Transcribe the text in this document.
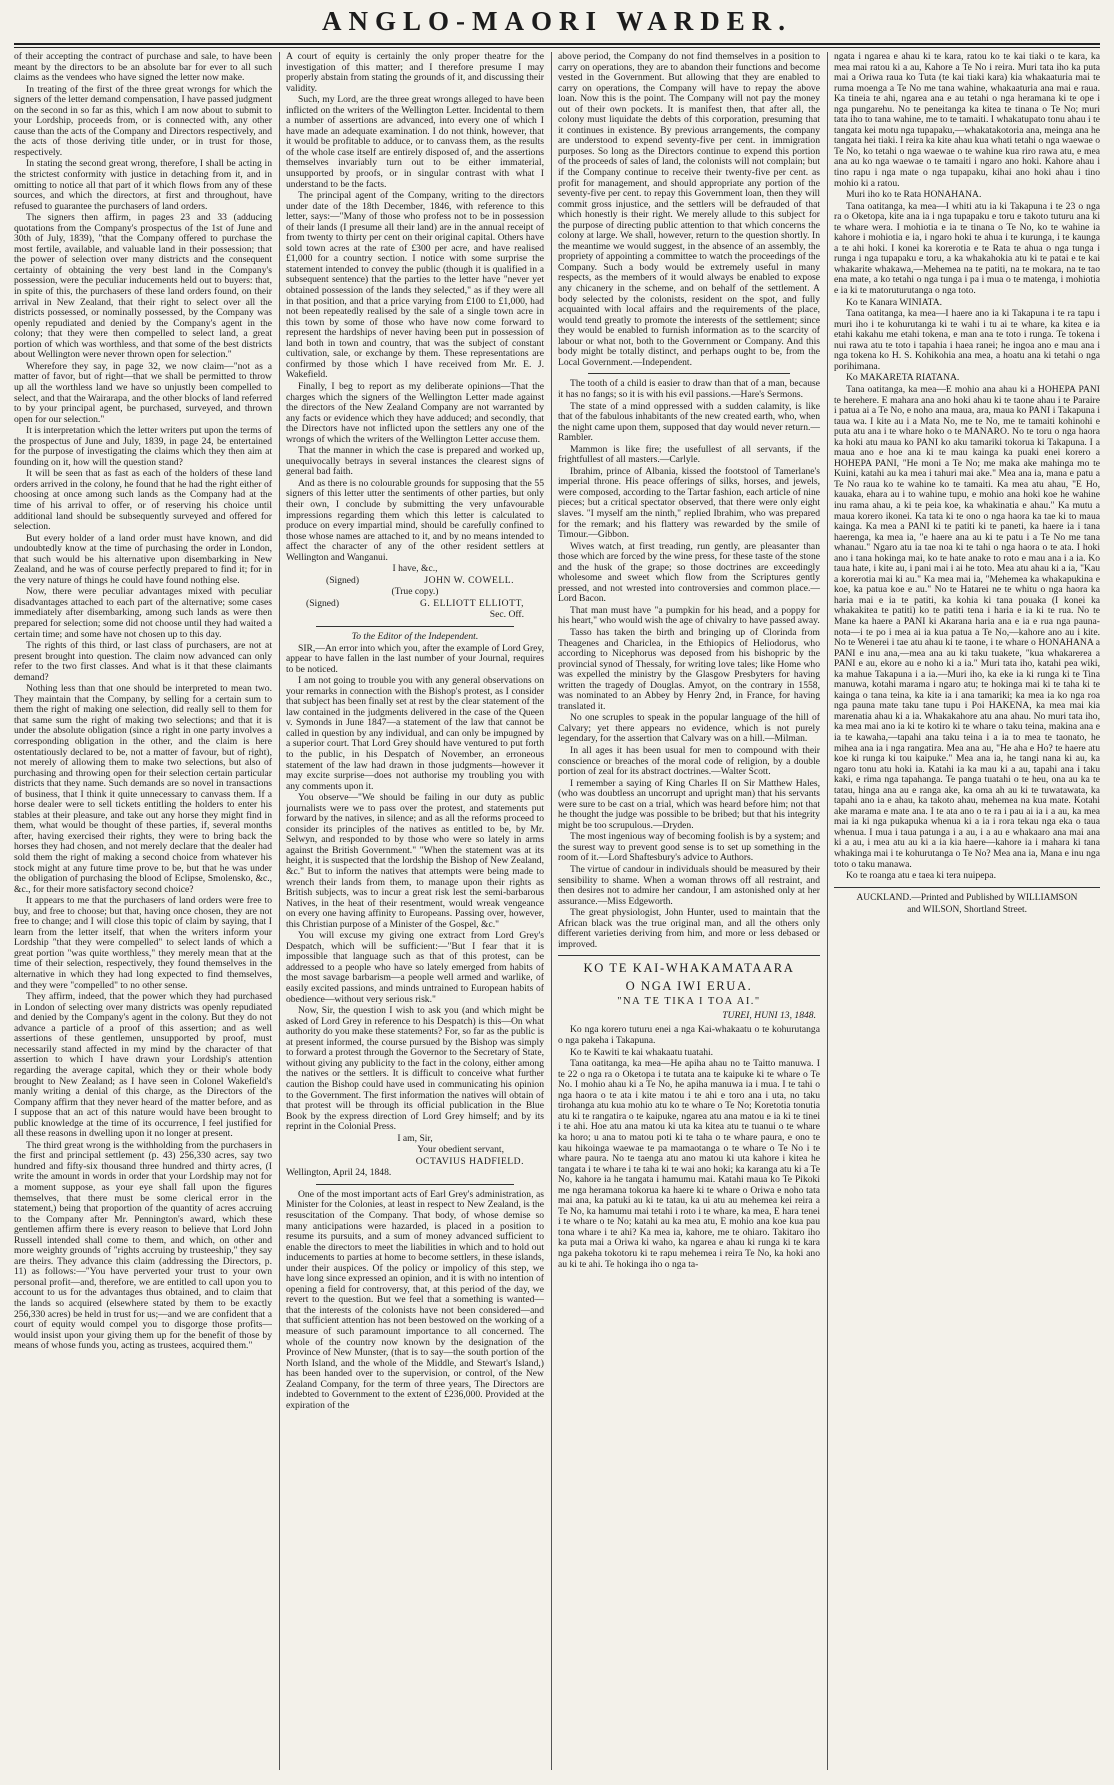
ANGLO-MAORI WARDER.

of their accepting the contract of purchase and sale, to have been meant by the directors to be an absolute bar for ever to all such claims as the vendees who have signed the letter now make.

In treating of the first of the three great wrongs for which the signers of the letter demand compensation, I have passed judgment on the second in so far as this, which I am now about to submit to your Lordship, proceeds from, or is connected with, any other cause than the acts of the Company and Directors respectively, and the acts of those deriving title under, or in trust for those, respectively.

In stating the second great wrong, therefore, I shall be acting in the strictest conformity with justice in detaching from it, and in omitting to notice all that part of it which flows from any of these sources, and which the directors, at first and throughout, have refused to guarantee the purchasers of land orders.

The signers then affirm, in pages 23 and 33 (adducing quotations from the Company's prospectus of the 1st of June and 30th of July, 1839), "that the Company offered to purchase the most fertile, available, and valuable land in their possession; that the power of selection over many districts and the consequent certainty of obtaining the very best land in the Company's possession, were the peculiar inducements held out to buyers: that, in spite of this, the purchasers of these land orders found, on their arrival in New Zealand, that their right to select over all the districts possessed, or nominally possessed, by the Company was openly repudiated and denied by the Company's agent in the colony; that they were then compelled to select land, a great portion of which was worthless, and that some of the best districts about Wellington were never thrown open for selection."

Wherefore they say, in page 32, we now claim—"not as a matter of favor, but of right—that we shall be permitted to throw up all the worthless land we have so unjustly been compelled to select, and that the Wairarapa, and the other blocks of land referred to by your principal agent, be purchased, surveyed, and thrown open for our selection."

It is interpretation which the letter writers put upon the terms of the prospectus of June and July, 1839, in page 24, be entertained for the purpose of investigating the claims which they then aim at founding on it, how will the question stand?

It will be seen that as fast as each of the holders of these land orders arrived in the colony, he found that he had the right either of choosing at once among such lands as the Company had at the time of his arrival to offer, or of reserving his choice until additional land should be subsequently surveyed and offered for selection.

But every holder of a land order must have known, and did undoubtedly know at the time of purchasing the order in London, that such would be his alternative upon disembarking in New Zealand, and he was of course perfectly prepared to find it; for in the very nature of things he could have found nothing else.

Now, there were peculiar advantages mixed with peculiar disadvantages attached to each part of the alternative; some cases immediately after disembarking, among such lands as were then prepared for selection; some did not choose until they had waited a certain time; and some have not chosen up to this day.

The rights of this third, or last class of purchasers, are not at present brought into question. The claim now advanced can only refer to the two first classes. And what is it that these claimants demand?

Nothing less than that one should be interpreted to mean two. They maintain that the Company, by selling for a certain sum to them the right of making one selection, did really sell to them for that same sum the right of making two selections; and that it is under the absolute obligation (since a right in one party involves a corresponding obligation in the other, and the claim is here ostentatiously declared to be, not a matter of favour, but of right), not merely of allowing them to make two selections, but also of purchasing and throwing open for their selection certain particular districts that they name. Such demands are so novel in transactions of business, that I think it quite unnecessary to canvass them. If a horse dealer were to sell tickets entitling the holders to enter his stables at their pleasure, and take out any horse they might find in them, what would be thought of these parties, if, several months after, having exercised their rights, they were to bring back the horses they had chosen, and not merely declare that the dealer had sold them the right of making a second choice from whatever his stock might at any future time prove to be, but that he was under the obligation of purchasing the blood of Eclipse, Smolensko, &c., &c., for their more satisfactory second choice?

It appears to me that the purchasers of land orders were free to buy, and free to choose; but that, having once chosen, they are not free to change; and I will close this topic of claim by saying, that I learn from the letter itself, that when the writers inform your Lordship "that they were compelled" to select lands of which a great portion "was quite worthless," they merely mean that at the time of their selection, respectively, they found themselves in the alternative in which they had long expected to find themselves, and they were "compelled" to no other sense.

They affirm, indeed, that the power which they had purchased in London of selecting over many districts was openly repudiated and denied by the Company's agent in the colony. But they do not advance a particle of a proof of this assertion; and as well assertions of these gentlemen, unsupported by proof, must necessarily stand affected in my mind by the character of that assertion to which I have drawn your Lordship's attention regarding the average capital, which they or their whole body brought to New Zealand; as I have seen in Colonel Wakefield's manly writing a denial of this charge, as the Directors of the Company affirm that they never heard of the matter before, and as I suppose that an act of this nature would have been brought to public knowledge at the time of its occurrence, I feel justified for all these reasons in dwelling upon it no longer at present.

The third great wrong is the withholding from the purchasers in the first and principal settlement (p. 43) 256,330 acres, say two hundred and fifty-six thousand three hundred and thirty acres, (I write the amount in words in order that your Lordship may not for a moment suppose, as your eye shall fall upon the figures themselves, that there must be some clerical error in the statement,) being that proportion of the quantity of acres accruing to the Company after Mr. Pennington's award, which these gentlemen affirm there is every reason to believe that Lord John Russell intended shall come to them, and which, on other and more weighty grounds of "rights accruing by trusteeship," they say are theirs. They advance this claim (addressing the Directors, p. 11) as follows:—"You have perverted your trust to your own personal profit—and, therefore, we are entitled to call upon you to account to us for the advantages thus obtained, and to claim that the lands so acquired (elsewhere stated by them to be exactly 256,330 acres) be held in trust for us;—and we are confident that a court of equity would compel you to disgorge those profits—would insist upon your giving them up for the benefit of those by means of whose funds you, acting as trustees, acquired them."

A court of equity is certainly the only proper theatre for the investigation of this matter; and I therefore presume I may properly abstain from stating the grounds of it, and discussing their validity.

Such, my Lord, are the three great wrongs alleged to have been inflicted on the writers of the Wellington Letter. Incidental to them a number of assertions are advanced, into every one of which I have made an adequate examination. I do not think, however, that it would be profitable to adduce, or to canvass them, as the results of the whole case itself are entirely disposed of, and the assertions themselves invariably turn out to be either immaterial, unsupported by proofs, or in singular contrast with what I understand to be the facts.

The principal agent of the Company, writing to the directors under date of the 18th December, 1846, with reference to this letter, says:—"Many of those who profess not to be in possession of their lands (I presume all their land) are in the annual receipt of from twenty to thirty per cent on their original capital. Others have sold town acres at the rate of £300 per acre, and have realised £1,000 for a country section. I notice with some surprise the statement intended to convey the public (though it is qualified in a subsequent sentence) that the parties to the letter have "never yet obtained possession of the lands they selected," as if they were all in that position, and that a price varying from £100 to £1,000, had not been repeatedly realised by the sale of a single town acre in this town by some of those who have now come forward to represent the hardships of never having been put in possession of land both in town and country, that was the subject of constant cultivation, sale, or exchange by them. These representations are confirmed by those which I have received from Mr. E. J. Wakefield.

Finally, I beg to report as my deliberate opinions—That the charges which the signers of the Wellington Letter made against the directors of the New Zealand Company are not warranted by any facts or evidence which they have adduced; and secondly, that the Directors have not inflicted upon the settlers any one of the wrongs of which the writers of the Wellington Letter accuse them.

That the manner in which the case is prepared and worked up, unequivocally betrays in several instances the clearest signs of general bad faith.

And as there is no colourable grounds for supposing that the 55 signers of this letter utter the sentiments of other parties, but only their own, I conclude by submitting the very unfavourable impressions regarding them which this letter is calculated to produce on every impartial mind, should be carefully confined to those whose names are attached to it, and by no means intended to affect the character of any of the other resident settlers at Wellington and Wanganui.

I have, &c.,

(Signed)	JOHN W. COWELL.

(True copy.)

(Signed)	G. ELLIOTT ELLIOTT,

Sec. Off.

To the Editor of the Independent.

SIR,—An error into which you, after the example of Lord Grey, appear to have fallen in the last number of your Journal, requires to be noticed.

I am not going to trouble you with any general observations on your remarks in connection with the Bishop's protest, as I consider that subject has been finally set at rest by the clear statement of the law contained in the judgments delivered in the case of the Queen v. Symonds in June 1847—a statement of the law that cannot be called in question by any individual, and can only be impugned by a superior court. That Lord Grey should have ventured to put forth to the public, in his Despatch of November, an erroneous statement of the law had drawn in those judgments—however it may excite surprise—does not authorise my troubling you with any comments upon it.

You observe—"We should be failing in our duty as public journalists were we to pass over the protest, and statements put forward by the natives, in silence; and as all the reforms proceed to consider its principles of the natives as entitled to be, by Mr. Selwyn, and responded to by those who were so lately in arms against the British Government." "When the statement was at its height, it is suspected that the lordship the Bishop of New Zealand, &c." But to inform the natives that attempts were being made to wrench their lands from them, to manage upon their rights as British subjects, was to incur a great risk lest the semi-barbarous Natives, in the heat of their resentment, would wreak vengeance on every one having affinity to Europeans. Passing over, however, this Christian purpose of a Minister of the Gospel, &c."

You will excuse my giving one extract from Lord Grey's Despatch, which will be sufficient:—"But I fear that it is impossible that language such as that of this protest, can be addressed to a people who have so lately emerged from habits of the most savage barbarism—a people well armed and warlike, of easily excited passions, and minds untrained to European habits of obedience—without very serious risk."

Now, Sir, the question I wish to ask you (and which might be asked of Lord Grey in reference to his Despatch) is this—On what authority do you make these statements? For, so far as the public is at present informed, the course pursued by the Bishop was simply to forward a protest through the Governor to the Secretary of State, without giving any publicity to the fact in the colony, either among the natives or the settlers. It is difficult to conceive what further caution the Bishop could have used in communicating his opinion to the Government. The first information the natives will obtain of that protest will be through its official publication in the Blue Book by the express direction of Lord Grey himself; and by its reprint in the Colonial Press.

I am, Sir,

Your obedient servant,

OCTAVIUS HADFIELD.

Wellington, April 24, 1848.

One of the most important acts of Earl Grey's administration, as Minister for the Colonies, at least in respect to New Zealand, is the resuscitation of the Company. That body, of whose demise so many anticipations were hazarded, is placed in a position to resume its pursuits, and a sum of money advanced sufficient to enable the directors to meet the liabilities in which and to hold out inducements to parties at home to become settlers, in these islands, under their auspices. Of the policy or impolicy of this step, we have long since expressed an opinion, and it is with no intention of opening a field for controversy, that, at this period of the day, we revert to the question. But we feel that a something is wanted—that the interests of the colonists have not been considered—and that sufficient attention has not been bestowed on the working of a measure of such paramount importance to all concerned. The whole of the country now known by the designation of the Province of New Munster, (that is to say—the south portion of the North Island, and the whole of the Middle, and Stewart's Island,) has been handed over to the supervision, or control, of the New Zealand Company, for the term of three years, The Directors are indebted to Government to the extent of £236,000. Provided at the expiration of the

above period, the Company do not find themselves in a position to carry on operations, they are to abandon their functions and become vested in the Government. But allowing that they are enabled to carry on operations, the Company will have to repay the above loan. Now this is the point. The Company will not pay the money out of their own pockets. It is manifest then, that after all, the colony must liquidate the debts of this corporation, presuming that it continues in existence. By previous arrangements, the company are understood to expend seventy-five per cent. in immigration purposes. So long as the Directors continue to expend this portion of the proceeds of sales of land, the colonists will not complain; but if the Company continue to receive their twenty-five per cent. as profit for management, and should appropriate any portion of the seventy-five per cent. to repay this Government loan, then they will commit gross injustice, and the settlers will be defrauded of that which honestly is their right. We merely allude to this subject for the purpose of directing public attention to that which concerns the colony at large. We shall, however, return to the question shortly. In the meantime we would suggest, in the absence of an assembly, the propriety of appointing a committee to watch the proceedings of the Company. Such a body would be extremely useful in many respects, as the members of it would always be enabled to expose any chicanery in the scheme, and on behalf of the settlement. A body selected by the colonists, resident on the spot, and fully acquainted with local affairs and the requirements of the place, would tend greatly to promote the interests of the settlement; since they would be enabled to furnish information as to the scarcity of labour or what not, both to the Government or Company. And this body might be totally distinct, and perhaps ought to be, from the Local Government.—Independent.

The tooth of a child is easier to draw than that of a man, because it has no fangs; so it is with his evil passions.—Hare's Sermons.

The state of a mind oppressed with a sudden calamity, is like that of the fabulous inhabitants of the new created earth, who, when the night came upon them, supposed that day would never return.—Rambler.

Mammon is like fire; the usefullest of all servants, if the frightfullest of all masters.—Carlyle.

Ibrahim, prince of Albania, kissed the footstool of Tamerlane's imperial throne. His peace offerings of silks, horses, and jewels, were composed, according to the Tartar fashion, each article of nine pieces; but a critical spectator observed, that there were only eight slaves. "I myself am the ninth," replied Ibrahim, who was prepared for the remark; and his flattery was rewarded by the smile of Timour.—Gibbon.

Wives watch, at first treading, run gently, are pleasanter than those which are forced by the wine press, for these taste of the stone and the husk of the grape; so those doctrines are exceedingly wholesome and sweet which flow from the Scriptures gently pressed, and not wrested into controversies and common place.—Lord Bacon.

That man must have "a pumpkin for his head, and a poppy for his heart," who would wish the age of chivalry to have passed away.

Tasso has taken the birth and bringing up of Clorinda from Theagenes and Chariclea, in the Ethiopics of Heliodorus, who according to Nicephorus was deposed from his bishopric by the provincial synod of Thessaly, for writing love tales; like Home who was expelled the ministry by the Glasgow Presbyters for having written the tragedy of Douglas. Amyot, on the contrary in 1558, was nominated to an Abbey by Henry 2nd, in France, for having translated it.

No one scruples to speak in the popular language of the hill of Calvary; yet there appears no evidence, which is not purely legendary, for the assertion that Calvary was on a hill.—Milman.

In all ages it has been usual for men to compound with their conscience or breaches of the moral code of religion, by a double portion of zeal for its abstract doctrines.—Walter Scott.

I remember a saying of King Charles II on Sir Matthew Hales, (who was doubtless an uncorrupt and upright man) that his servants were sure to be cast on a trial, which was heard before him; not that he thought the judge was possible to be bribed; but that his integrity might be too scrupulous.—Dryden.

The most ingenious way of becoming foolish is by a system; and the surest way to prevent good sense is to set up something in the room of it.—Lord Shaftesbury's advice to Authors.

The virtue of candour in individuals should be measured by their sensibility to shame. When a woman throws off all restraint, and then desires not to admire her candour, I am astonished only at her assurance.—Miss Edgeworth.

The great physiologist, John Hunter, used to maintain that the African black was the true original man, and all the others only different varieties deriving from him, and more or less debased or improved.

KO TE KAI-WHAKAMATAARA
O NGA IWI ERUA.
"NA TE TIKA I TOA AI."
TUREI, HUNI 13, 1848.

Ko nga korero tuturu enei a nga Kai-whakaatu o te kohurutanga o nga pakeha i Takapuna.

Ko te Kawiti te kai whakaatu tuatahi.

Tana oatitanga, ka mea—He apiha ahau no te Taitto manuwa. I te 22 o nga ra o Oketopa i te tutata ana te kaipuke ki te whare o Te No. I mohio ahau ki a Te No, he apiha manuwa ia i mua. I te tahi o nga haora o te ata i kite matou i te ahi e toro ana i uta, no taku tirohanga atu kua mohio atu ko te whare o Te No; Koretotia tonutia atu ki te rangatira o te kaipuke, ngarea atu ana matou e ia ki te tinei i te ahi. Hoe atu ana matou ki uta ka kitea atu te tuanui o te whare ka horo; u ana to matou poti ki te taha o te whare paura, e ono te kau hikoinga waewae te pa mamaotanga o te whare o Te No i te whare paura. No te taenga atu ano matou ki uta kahore i kitea he tangata i te whare i te taha ki te wai ano hoki; ka karanga atu ki a Te No, kahore ia he tangata i hamumu mai. Katahi maua ko Te Pikoki me nga heramana tokorua ka haere ki te whare o Oriwa e noho tata mai ana, ka patuki au ki te tatau, ka ui atu au mehemea kei reira a Te No, ka hamumu mai tetahi i roto i te whare, ka mea, E hara tenei i te whare o te No; katahi au ka mea atu, E mohio ana koe kua pau tona whare i te ahi? Ka mea ia, kahore, me te ohiaro. Takitaro iho ka puta mai a Oriwa ki waho, ka ngarea e ahau ki runga ki te kara nga pakeha tokotoru ki te rapu mehemea i reira Te No, ka hoki ano au ki te ahi. Te hokinga iho o nga ta-

ngata i ngarea e ahau ki te kara, ratou ko te kai tiaki o te kara, ka mea mai ratou ki a au, Kahore a Te No i reira. Muri tata iho ka puta mai a Oriwa raua ko Tuta (te kai tiaki kara) kia whakaaturia mai te ruma moenga a Te No me tana wahine, whakaaturia ana mai e raua. Ka tineia te ahi, ngarea ana e au tetahi o nga heramana ki te ope i nga pungarehu. No te peneitanga ka kitea te tinana o Te No; muri tata iho to tana wahine, me to te tamaiti. I whakatupato tonu ahau i te tangata kei motu nga tupapaku,—whakatakotoria ana, meinga ana he tangata hei tiaki. I reira ka kite ahau kua whati tetahi o nga waewae o Te No, ko tetahi o nga waewae o te wahine kua riro rawa atu, e mea ana au ko nga waewae o te tamaiti i ngaro ano hoki. Kahore ahau i tino rapu i nga mate o nga tupapaku, kihai ano hoki ahau i tino mohio ki a ratou.

Muri iho ko te Rata HONAHANA.

Tana oatitanga, ka mea—I whiti atu ia ki Takapuna i te 23 o nga ra o Oketopa, kite ana ia i nga tupapaku e toru e takoto tuturu ana ki te whare wera. I mohiotia e ia te tinana o Te No, ko te wahine ia kahore i mohiotia e ia, i ngaro hoki te ahua i te kurunga, i te kaunga a te ahi hoki. I konei ka korerotia e te Rata te ahua o nga tunga i runga i nga tupapaku e toru, a ka whakahokia atu ki te patai e te kai whakarite whakawa,—Mehemea na te patiti, na te mokara, na te tao ena mate, a ko tetahi o nga tunga i pa i mua o te matenga, i mohiotia e ia ki te matoruturutanga o nga toto.

Ko te Kanara WINIATA.

Tana oatitanga, ka mea—I haere ano ia ki Takapuna i te ra tapu i muri iho i te kohurutanga ki te wahi i tu ai te whare, ka kitea e ia etahi kakahu me etahi tokena, e man ana te toto i runga. Te tokena i nui rawa atu te toto i tapahia i haea ranei; he ingoa ano e mau ana i nga tokena ko H. S. Kohikohia ana mea, a hoatu ana ki tetahi o nga porihimana.

Ko MAKARETA RIATANA.

Tana oatitanga, ka mea—E mohio ana ahau ki a HOHEPA PANI te herehere. E mahara ana ano hoki ahau ki te taone ahau i te Paraire i patua ai a Te No, e noho ana maua, ara, maua ko PANI i Takapuna i taua wa. I kite au i a Mata No, me te No, me te tamaiti kohinohi e puta atu ana i te whare hoko o te MANARO. No te toru o nga haora ka hoki atu maua ko PANI ko aku tamariki tokorua ki Takapuna. I a maua ano e hoe ana ki te mau kainga ka puaki enei korero a HOHEPA PANI, "He moni a Te No; me maka ake mahinga mo te Kuini, katahi au ka mea i tahuri mai ake." Mea ana ia, mana e patu a Te No raua ko te wahine ko te tamaiti. Ka mea atu ahau, "E Ho, kauaka, ehara au i to wahine tupu, e mohio ana hoki koe he wahine inu rama ahau, a ki te peia koe, ka whakinatia e ahau." Ka mutu a maua korero ikonei. Ka tata ki te ono o nga haora ka tae ki to maua kainga. Ka mea a PANI ki te patiti ki te paneti, ka haere ia i tana haerenga, ka mea ia, "e haere ana au ki te patu i a Te No me tana whanau." Ngaro atu ia tae noa ki te tahi o nga haora o te ata. I hoki ano i tana hokinga mai, ko te hate anake to roto e mau ana i a ia. Ko taua hate, i kite au, i pani mai i ai he toto. Mea atu ahau ki a ia, "Kau a korerotia mai ki au." Ka mea mai ia, "Mehemea ka whakapukina e koe, ka patua koe e au." No te Hatarei ne te whitu o nga haora ka haria mai e ia te patiti, ka kohia ki tana pouaka (I konei ka whakakitea te patiti) ko te patiti tena i haria e ia ki te rua. No te Mane ka haere a PANI ki Akarana haria ana e ia e rua nga pauna-nota—i te po i mea ai ia kua patua a Te No,—kahore ano au i kite. No te Wenerei i tae atu ahau ki te taone, i te whare o HONAHANA a PANI e inu ana,—mea ana au ki taku tuakete, "kua whakarerea a PANI e au, ekore au e noho ki a ia." Muri tata iho, katahi pea wiki, ka mahue Takapuna i a ia.—Muri iho, ka eke ia ki runga ki te Tina manuwa, kotahi marama i ngaro atu; te hokinga mai ki te taha ki te kainga o tana teina, ka kite ia i ana tamariki; ka mea ia ko nga roa nga pauna mate taku tane tupu i Poi HAKENA, ka mea mai kia marenatia ahau ki a ia. Whakakahore atu ana ahau. No muri tata iho, ka mea mai ano ia ki te kotiro ki te whare o taku teina, makina ana e ia te kawaha,—tapahi ana taku teina i a ia to mea te taonato, he mihea ana ia i nga rangatira. Mea ana au, "He aha e Ho? te haere atu koe ki runga ki tou kaipuke." Mea ana ia, he tangi nana ki au, ka ngaro tonu atu hoki ia. Katahi ia ka mau ki a au, tapahi ana i taku kaki, e rima nga tapahanga. Te panga tuatahi o te heu, ona au ka te tatau, hinga ana au e ranga ake, ka oma ah au ki te tuwatawata, ka tapahi ano ia e ahau, ka takoto ahau, mehemea na kua mate. Kotahi ake marama e mate ana. I te ata ano o te ra i pau ai ia i a au, ka mea mai ia ki nga pukapuka whenua ki a ia i rora tekau nga eka o taua whenua. I mua i taua patunga i a au, i a au e whakaaro ana mai ana ki a au, i mea atu au ki a ia kia haere—kahore ia i mahara ki tana whakinga mai i te kohurutanga o Te No? Mea ana ia, Mana e inu nga toto o taku manawa.

Ko te roanga atu e taea ki tera nuipepa.

AUCKLAND.—Printed and Published by WILLIAMSON

and WILSON, Shortland Street.
